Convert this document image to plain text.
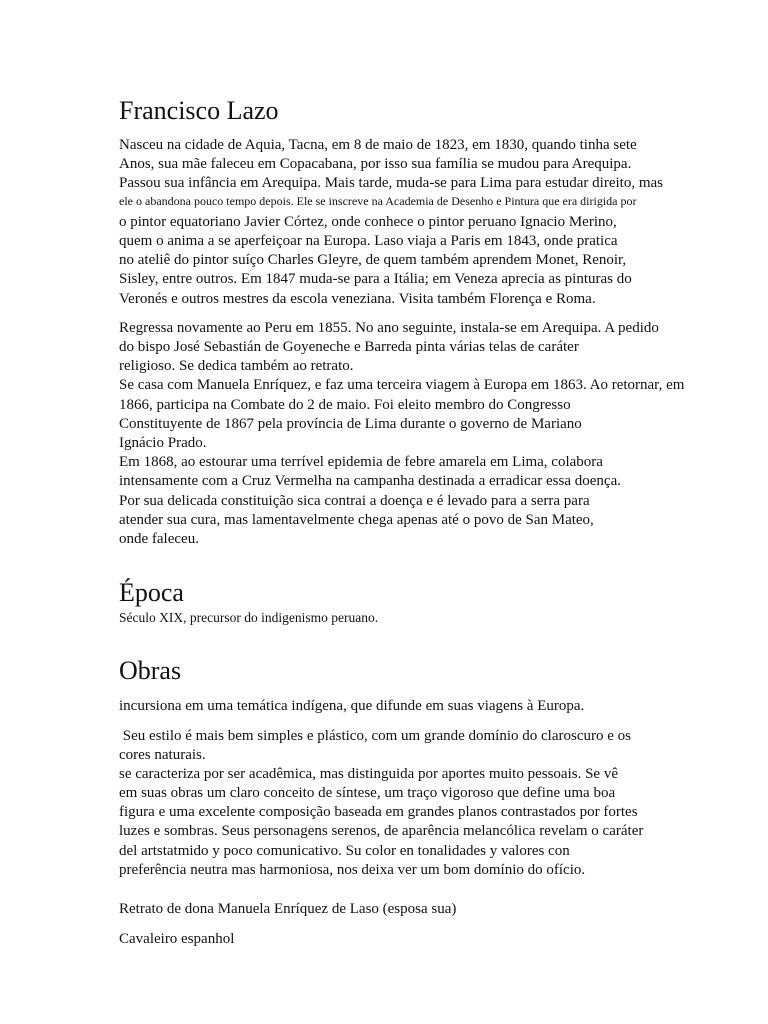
Francisco Lazo
Nasceu na cidade de Aquia, Tacna, em 8 de maio de 1823, em 1830, quando tinha sete
Anos, sua mãe faleceu em Copacabana, por isso sua família se mudou para Arequipa.
Passou sua infância em Arequipa. Mais tarde, muda-se para Lima para estudar direito, mas
ele o abandona pouco tempo depois. Ele se inscreve na Academia de Desenho e Pintura que era dirigida por
o pintor equatoriano Javier Córtez, onde conhece o pintor peruano Ignacio Merino,
quem o anima a se aperfeiçoar na Europa. Laso viaja a Paris em 1843, onde pratica
no ateliê do pintor suíço Charles Gleyre, de quem também aprendem Monet, Renoir,
Sisley, entre outros. Em 1847 muda-se para a Itália; em Veneza aprecia as pinturas do
Veronés e outros mestres da escola veneziana. Visita também Florença e Roma.
Regressa novamente ao Peru em 1855. No ano seguinte, instala-se em Arequipa. A pedido
do bispo José Sebastián de Goyeneche e Barreda pinta várias telas de caráter
religioso. Se dedica também ao retrato.
Se casa com Manuela Enríquez, e faz uma terceira viagem à Europa em 1863. Ao retornar, em
1866, participa na Combate do 2 de maio. Foi eleito membro do Congresso
Constituyente de 1867 pela província de Lima durante o governo de Mariano
Ignácio Prado.
Em 1868, ao estourar uma terrível epidemia de febre amarela em Lima, colabora
intensamente com a Cruz Vermelha na campanha destinada a erradicar essa doença.
Por sua delicada constituição sica contrai a doença e é levado para a serra para
atender sua cura, mas lamentavelmente chega apenas até o povo de San Mateo,
onde faleceu.
Época
Século XIX, precursor do indigenismo peruano.
Obras
incursiona em uma temática indígena, que difunde em suas viagens à Europa.
Seu estilo é mais bem simples e plástico, com um grande domínio do claroscuro e os
cores naturais.
se caracteriza por ser acadêmica, mas distinguida por aportes muito pessoais. Se vê
em suas obras um claro conceito de síntese, um traço vigoroso que define uma boa
figura e uma excelente composição baseada em grandes planos contrastados por fortes
luzes e sombras. Seus personagens serenos, de aparência melancólica revelam o caráter
del artstatmido y poco comunicativo. Su color en tonalidades y valores con
preferência neutra mas harmoniosa, nos deixa ver um bom domínio do ofício.
Retrato de dona Manuela Enríquez de Laso (esposa sua)
Cavaleiro espanhol
